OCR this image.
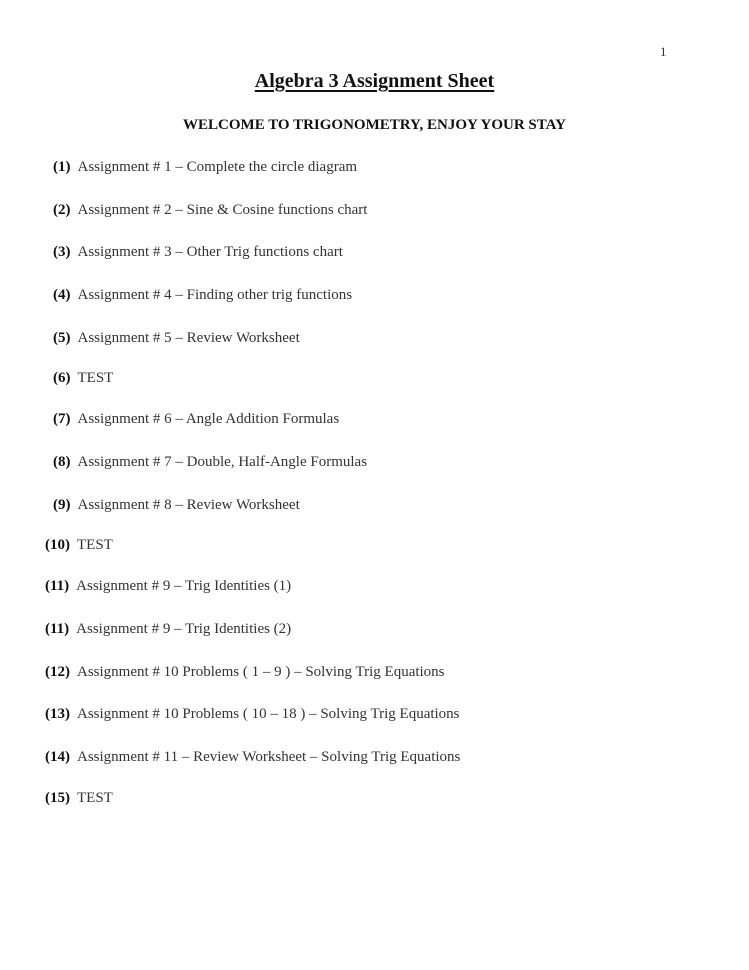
1
Algebra 3 Assignment Sheet
WELCOME TO TRIGONOMETRY, ENJOY YOUR STAY
(1) Assignment # 1 – Complete the circle diagram
(2) Assignment # 2 – Sine & Cosine functions chart
(3) Assignment # 3 – Other Trig functions chart
(4) Assignment # 4 – Finding other trig functions
(5) Assignment # 5 – Review Worksheet
(6) TEST
(7) Assignment # 6 – Angle Addition Formulas
(8) Assignment # 7 – Double, Half-Angle Formulas
(9) Assignment # 8 – Review Worksheet
(10) TEST
(11) Assignment # 9 – Trig Identities (1)
(11) Assignment # 9 – Trig Identities (2)
(12) Assignment # 10 Problems ( 1 – 9 ) – Solving Trig Equations
(13) Assignment # 10 Problems ( 10 – 18 ) – Solving Trig Equations
(14) Assignment # 11 – Review Worksheet – Solving Trig Equations
(15) TEST
